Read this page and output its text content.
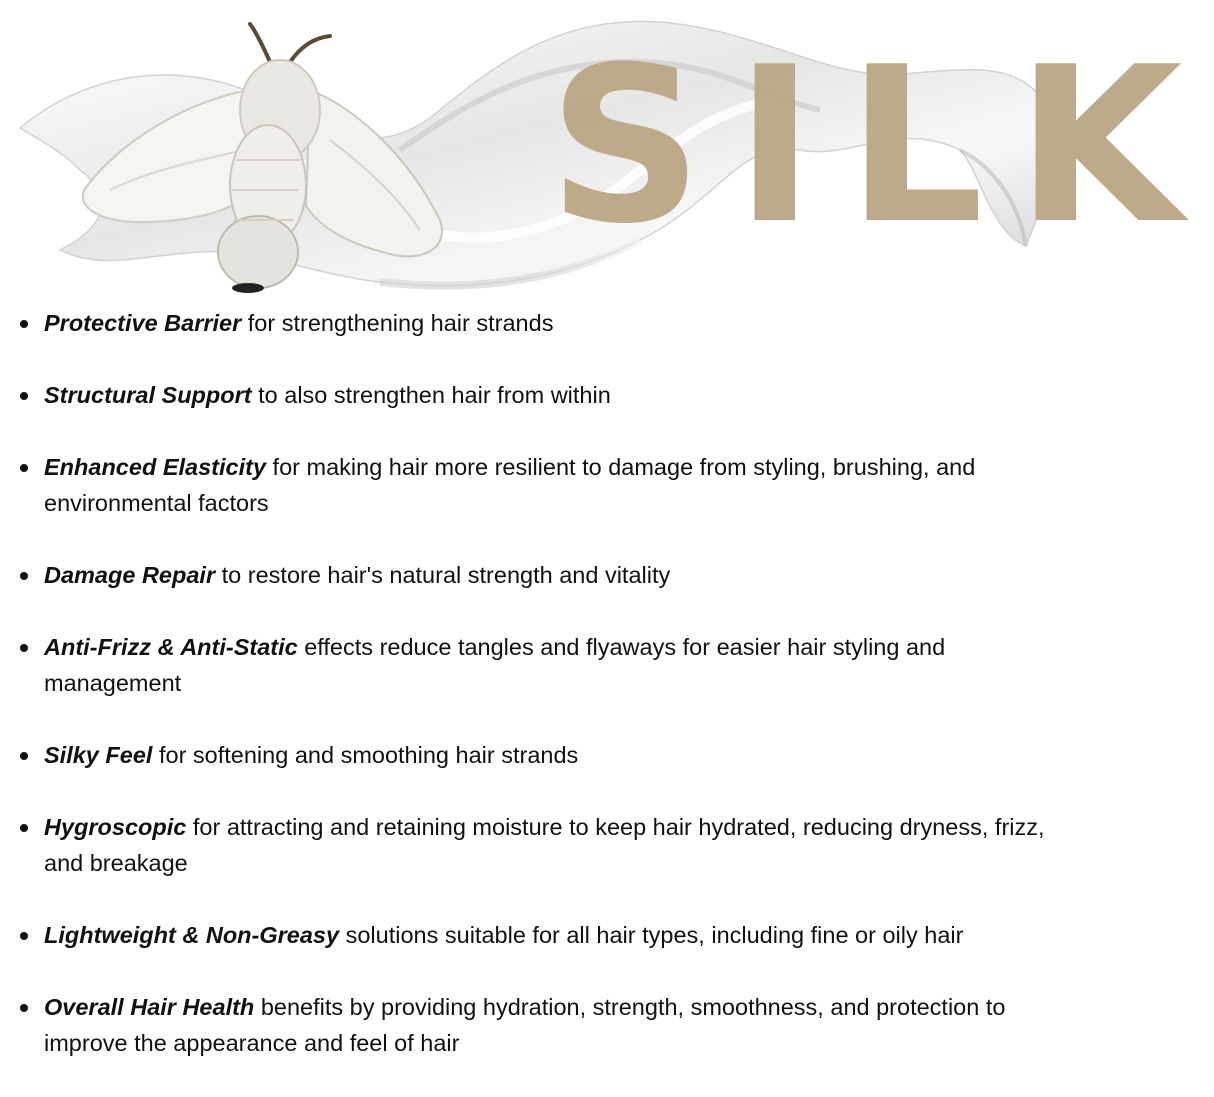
SILK
Protective Barrier for strengthening hair strands
Structural Support to also strengthen hair from within
Enhanced Elasticity for making hair more resilient to damage from styling, brushing, and environmental factors
Damage Repair to restore hair's natural strength and vitality
Anti-Frizz & Anti-Static effects reduce tangles and flyaways for easier hair styling and management
Silky Feel for softening and smoothing hair strands
Hygroscopic for attracting and retaining moisture to keep hair hydrated, reducing dryness, frizz, and breakage
Lightweight & Non-Greasy solutions suitable for all hair types, including fine or oily hair
Overall Hair Health benefits by providing hydration, strength, smoothness, and protection to improve the appearance and feel of hair
